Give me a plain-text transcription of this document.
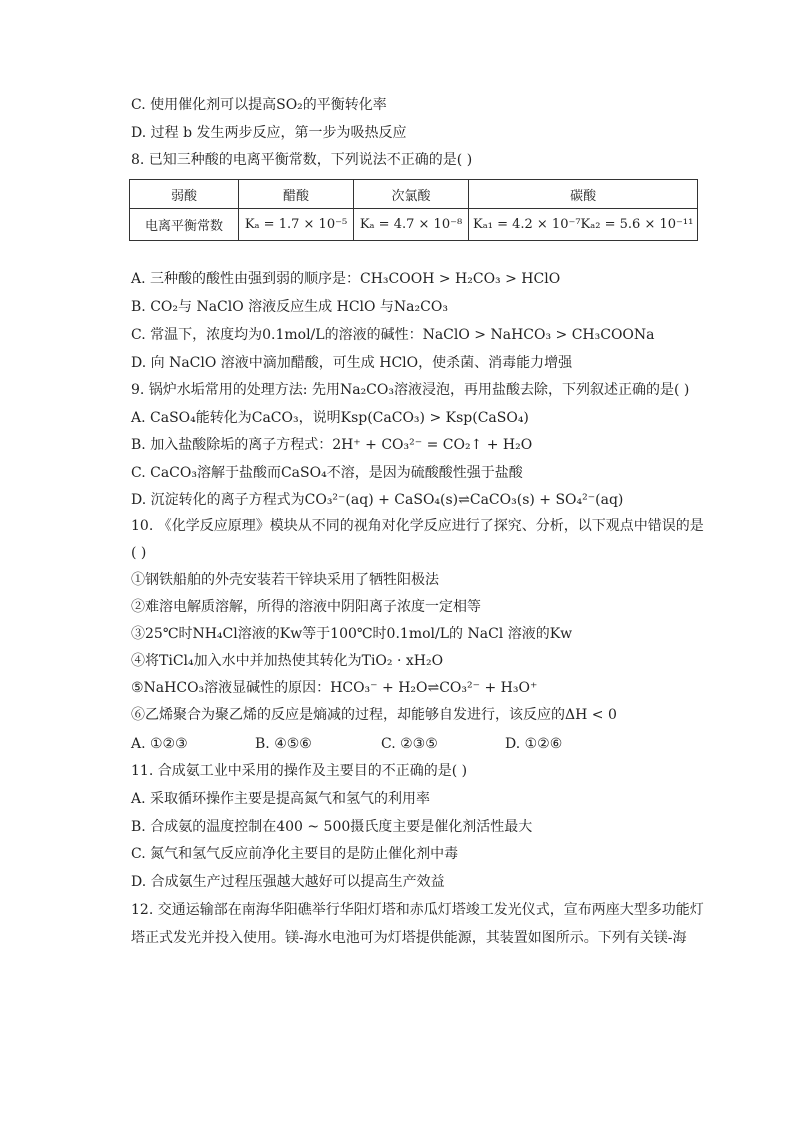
C. 使用催化剂可以提高SO₂的平衡转化率
D. 过程 b 发生两步反应，第一步为吸热反应
8. 已知三种酸的电离平衡常数，下列说法不正确的是( )
弱酸	醋酸	次氯酸	碳酸
电离平衡常数	Kₐ = 1.7 × 10⁻⁵	Kₐ = 4.7 × 10⁻⁸	Kₐ₁ = 4.2 × 10⁻⁷Kₐ₂ = 5.6 × 10⁻¹¹
A. 三种酸的酸性由强到弱的顺序是：CH₃COOH > H₂CO₃ > HClO
B. CO₂与 NaClO 溶液反应生成 HClO 与Na₂CO₃
C. 常温下，浓度均为0.1mol/L的溶液的碱性：NaClO > NaHCO₃ > CH₃COONa
D. 向 NaClO 溶液中滴加醋酸，可生成 HClO，使杀菌、消毒能力增强
9. 锅炉水垢常用的处理方法: 先用Na₂CO₃溶液浸泡，再用盐酸去除，下列叙述正确的是( )
A. CaSO₄能转化为CaCO₃，说明Ksp(CaCO₃) > Ksp(CaSO₄)
B. 加入盐酸除垢的离子方程式：2H⁺ + CO₃²⁻ = CO₂↑ + H₂O
C. CaCO₃溶解于盐酸而CaSO₄不溶，是因为硫酸酸性强于盐酸
D. 沉淀转化的离子方程式为CO₃²⁻(aq) + CaSO₄(s)⇌CaCO₃(s) + SO₄²⁻(aq)
10. 《化学反应原理》模块从不同的视角对化学反应进行了探究、分析，以下观点中错误的是
( )
①钢铁船舶的外壳安装若干锌块采用了牺牲阳极法
②难溶电解质溶解，所得的溶液中阴阳离子浓度一定相等
③25℃时NH₄Cl溶液的Kw等于100℃时0.1mol/L的 NaCl 溶液的Kw
④将TiCl₄加入水中并加热使其转化为TiO₂ · xH₂O
⑤NaHCO₃溶液显碱性的原因：HCO₃⁻ + H₂O⇌CO₃²⁻ + H₃O⁺
⑥乙烯聚合为聚乙烯的反应是熵减的过程，却能够自发进行，该反应的ΔH < 0
A. ①②③	B. ④⑤⑥	C. ②③⑤	D. ①②⑥
11. 合成氨工业中采用的操作及主要目的不正确的是( )
A. 采取循环操作主要是提高氮气和氢气的利用率
B. 合成氨的温度控制在400 ~ 500摄氏度主要是催化剂活性最大
C. 氮气和氢气反应前净化主要目的是防止催化剂中毒
D. 合成氨生产过程压强越大越好可以提高生产效益
12. 交通运输部在南海华阳礁举行华阳灯塔和赤瓜灯塔竣工发光仪式，宣布两座大型多功能灯
塔正式发光并投入使用。镁-海水电池可为灯塔提供能源，其装置如图所示。下列有关镁-海
